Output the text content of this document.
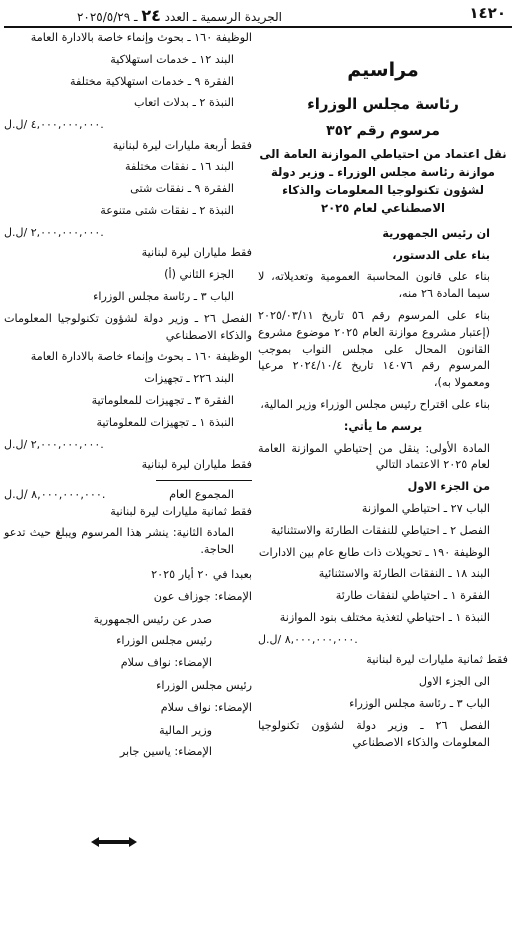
١٤٢٠
الجريدة الرسمية ـ العدد ٢٤ ـ ٢٠٢٥/٥/٢٩
مراسيم
رئاسة مجلس الوزراء
مرسوم رقم ٣٥٢
نقل اعتماد من احتياطي الموازنة العامة الى موازنة رئاسة مجلس الوزراء ـ وزير دولة لشؤون تكنولوجيا المعلومات والذكاء الاصطناعي لعام ٢٠٢٥
ان رئيس الجمهورية
بناء على الدستور،
بناء على قانون المحاسبة العمومية وتعديلاته، لا سيما المادة ٢٦ منه،
بناء على المرسوم رقم ٥٦ تاريخ ٢٠٢٥/٠٣/١١ (إعتبار مشروع موازنة العام ٢٠٢٥ موضوع مشروع القانون المحال على مجلس النواب بموجب المرسوم رقم ١٤٠٧٦ تاريخ ٢٠٢٤/١٠/٤ مرعيا ومعمولا به)،
بناء على اقتراح رئيس مجلس الوزراء وزير المالية،
يرسم ما يأتي:
المادة الأولى: ينقل من إحتياطي الموازنة العامة لعام ٢٠٢٥ الاعتماد التالي
من الجزء الاول
الباب ٢٧ ـ احتياطي الموازنة
الفصل ٢ ـ احتياطي للنفقات الطارئة والاستثنائية
الوظيفة ١٩٠ ـ تحويلات ذات طابع عام بين الادارات
البند ١٨ ـ النفقات الطارئة والاستثنائية
الفقرة ١ ـ احتياطي لنفقات طارئة
النبذة ١ ـ احتياطي لتغذية مختلف بنود الموازنة
٨,٠٠٠,٠٠٠,٠٠٠ /ل.ل.
فقط ثمانية مليارات ليرة لبنانية
الى الجزء الاول
الباب ٣ ـ رئاسة مجلس الوزراء
الفصل ٢٦ ـ وزير دولة لشؤون تكنولوجيا المعلومات والذكاء الاصطناعي
الوظيفة ١٦٠ ـ بحوث وإنماء خاصة بالادارة العامة
البند ١٢ ـ خدمات استهلاكية
الفقرة ٩ ـ خدمات استهلاكية مختلفة
النبذة ٢ ـ بدلات اتعاب
٤,٠٠٠,٠٠٠,٠٠٠ /ل.ل.
فقط أربعة مليارات ليرة لبنانية
البند ١٦ ـ نفقات مختلفة
الفقرة ٩ ـ نفقات شتى
النبذة ٢ ـ نفقات شتى متنوعة
٢,٠٠٠,٠٠٠,٠٠٠ /ل.ل.
فقط ملياران ليرة لبنانية
الجزء الثاني (أ)
الباب ٣ ـ رئاسة مجلس الوزراء
الفصل ٢٦ ـ وزير دولة لشؤون تكنولوجيا المعلومات والذكاء الاصطناعي
الوظيفة ١٦٠ ـ بحوث وإنماء خاصة بالادارة العامة
البند ٢٢٦ ـ تجهيزات
الفقرة ٣ ـ تجهيزات للمعلوماتية
النبذة ١ ـ تجهيزات للمعلوماتية
٢,٠٠٠,٠٠٠,٠٠٠ /ل.ل.
فقط ملياران ليرة لبنانية
المجموع العام
٨,٠٠٠,٠٠٠,٠٠٠ /ل.ل.
فقط ثمانية مليارات ليرة لبنانية
المادة الثانية: ينشر هذا المرسوم ويبلغ حيث تدعو الحاجة.
بعبدا في ٢٠ أيار ٢٠٢٥
الإمضاء: جوزاف عون
صدر عن رئيس الجمهورية
رئيس مجلس الوزراء
الإمضاء: نواف سلام
رئيس مجلس الوزراء
الإمضاء: نواف سلام
وزير المالية
الإمضاء: ياسين جابر
